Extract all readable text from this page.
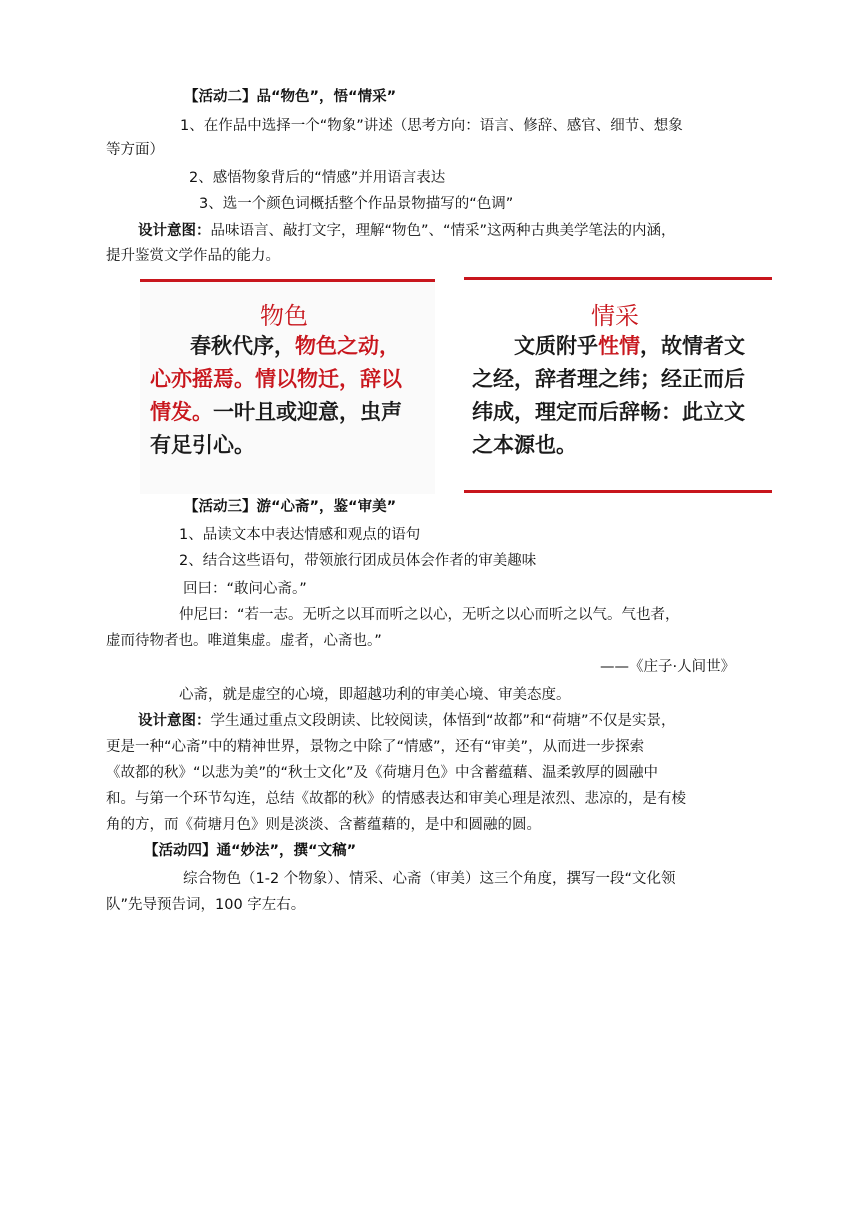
【活动二】品“物色”，悟“情采”
1、在作品中选择一个“物象”讲述（思考方向：语言、修辞、感官、细节、想象
等方面）
2、感悟物象背后的“情感”并用语言表达
3、选一个颜色词概括整个作品景物描写的“色调”
设计意图：品味语言、敲打文字，理解“物色”、“情采”这两种古典美学笔法的内涵，
提升鉴赏文学作品的能力。
物色
春秋代序，物色之动，
心亦摇焉。情以物迁，辞以
情发。一叶且或迎意，虫声
有足引心。
情采
文质附乎性情，故情者文
之经，辞者理之纬；经正而后
纬成，理定而后辞畅：此立文
之本源也。
【活动三】游“心斋”，鉴“审美”
1、品读文本中表达情感和观点的语句
2、结合这些语句，带领旅行团成员体会作者的审美趣味
回曰：“敢问心斋。”
仲尼曰：“若一志。无听之以耳而听之以心，无听之以心而听之以气。气也者，
虚而待物者也。唯道集虚。虚者，心斋也。”
——《庄子·人间世》
心斋，就是虚空的心境，即超越功利的审美心境、审美态度。
设计意图：学生通过重点文段朗读、比较阅读，体悟到“故都”和“荷塘”不仅是实景，
更是一种“心斋”中的精神世界，景物之中除了“情感”，还有“审美”，从而进一步探索
《故都的秋》“以悲为美”的“秋士文化”及《荷塘月色》中含蓄蕴藉、温柔敦厚的圆融中
和。与第一个环节勾连，总结《故都的秋》的情感表达和审美心理是浓烈、悲凉的，是有棱
角的方，而《荷塘月色》则是淡淡、含蓄蕴藉的，是中和圆融的圆。
【活动四】通“妙法”，撰“文稿”
综合物色（1-2 个物象）、情采、心斋（审美）这三个角度，撰写一段“文化领
队”先导预告词，100 字左右。
